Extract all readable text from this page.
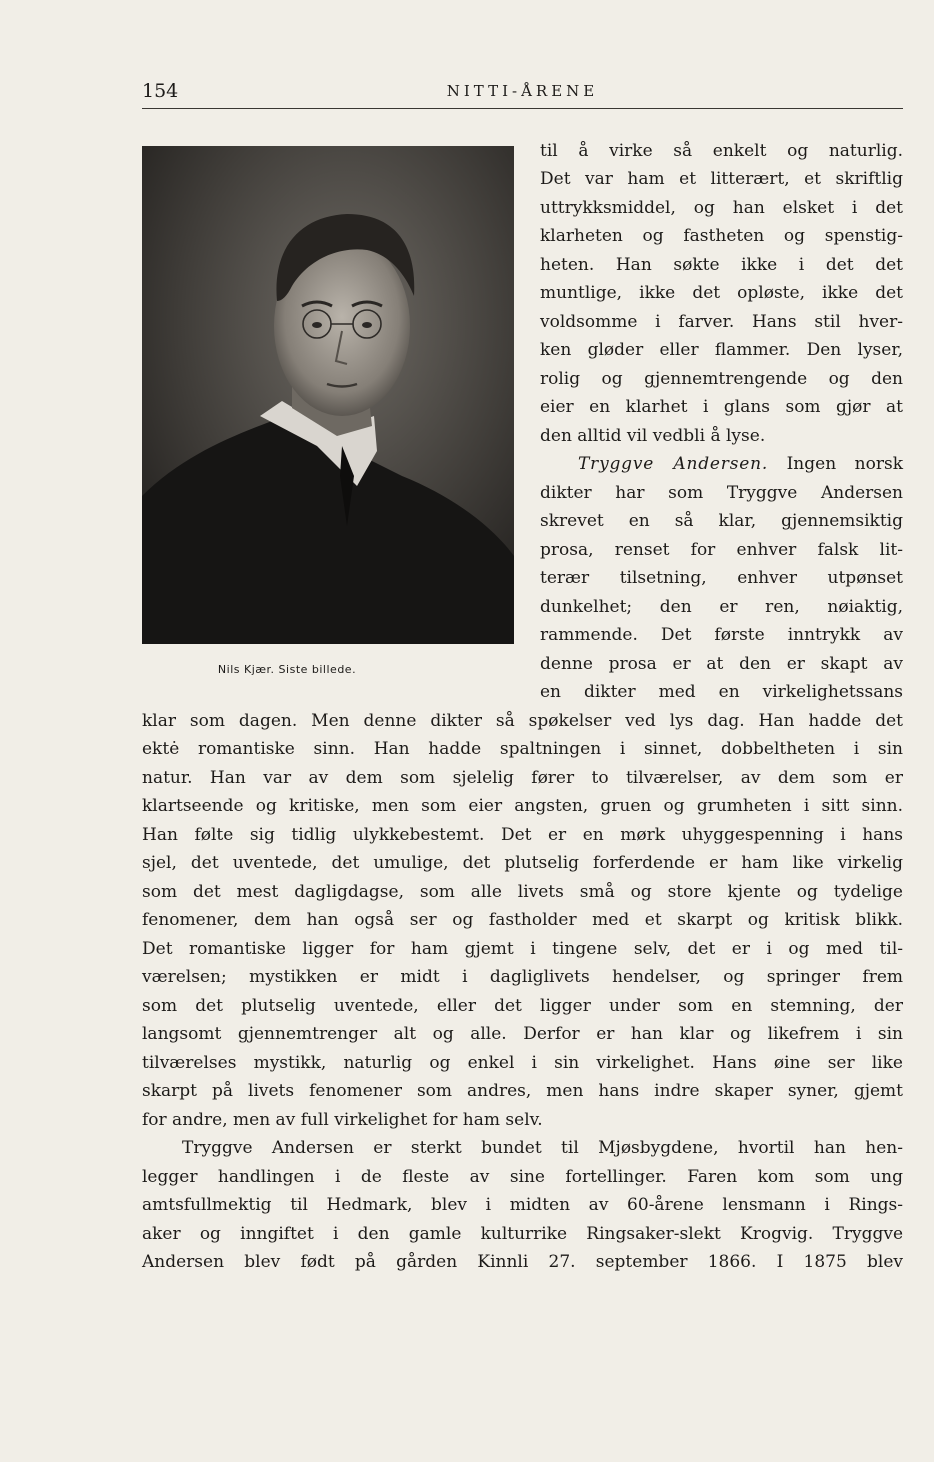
154	NITTI-ÅRENE
Nils Kjær. Siste billede.
til å virke så enkelt og naturlig.
Det var ham et litterært, et skriftlig
uttrykksmiddel, og han elsket i det
klarheten og fastheten og spenstig-
heten. Han søkte ikke i det det
muntlige, ikke det opløste, ikke det
voldsomme i farver. Hans stil hver-
ken gløder eller flammer. Den lyser,
rolig og gjennemtrengende og den
eier en klarhet i glans som gjør at
den alltid vil vedbli å lyse.
Tryggve Andersen. Ingen norsk
dikter har som Tryggve Andersen
skrevet en så klar, gjennemsiktig
prosa, renset for enhver falsk lit-
terær tilsetning, enhver utpønset
dunkelhet; den er ren, nøiaktig,
rammende. Det første inntrykk av
denne prosa er at den er skapt av
en dikter med en virkelighetssans
klar som dagen. Men denne dikter så spøkelser ved lys dag. Han hadde det
ektė romantiske sinn. Han hadde spaltningen i sinnet, dobbeltheten i sin
natur. Han var av dem som sjelelig fører to tilværelser, av dem som er
klartseende og kritiske, men som eier angsten, gruen og grumheten i sitt sinn.
Han følte sig tidlig ulykkebestemt. Det er en mørk uhyggespenning i hans
sjel, det uventede, det umulige, det plutselig forferdende er ham like virkelig
som det mest dagligdagse, som alle livets små og store kjente og tydelige
fenomener, dem han også ser og fastholder med et skarpt og kritisk blikk.
Det romantiske ligger for ham gjemt i tingene selv, det er i og med til-
værelsen; mystikken er midt i dagliglivets hendelser, og springer frem
som det plutselig uventede, eller det ligger under som en stemning, der
langsomt gjennemtrenger alt og alle. Derfor er han klar og likefrem i sin
tilværelses mystikk, naturlig og enkel i sin virkelighet. Hans øine ser like
skarpt på livets fenomener som andres, men hans indre skaper syner, gjemt
for andre, men av full virkelighet for ham selv.
Tryggve Andersen er sterkt bundet til Mjøsbygdene, hvortil han hen-
legger handlingen i de fleste av sine fortellinger. Faren kom som ung
amtsfullmektig til Hedmark, blev i midten av 60-årene lensmann i Rings-
aker og inngiftet i den gamle kulturrike Ringsaker-slekt Krogvig. Tryggve
Andersen blev født på gården Kinnli 27. september 1866. I 1875 blev
